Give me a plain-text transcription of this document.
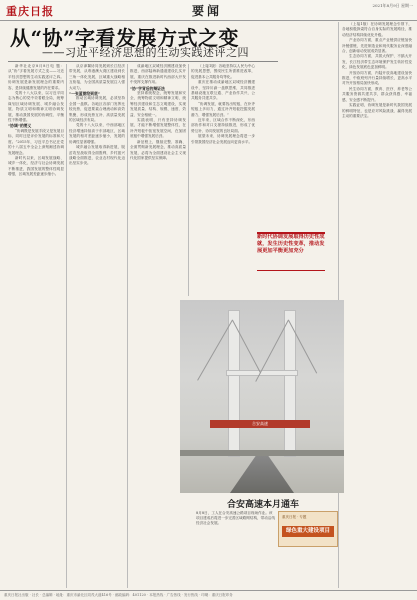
重庆日报	要闻	2021年8月9日 星期一
从“协”字看发展方式之变
——习近平经济思想的生动实践述评之四

新华社北京8月8日电 题：从“协”字看发展方式之变——习近平经济思想的生动实践述评之四。协调发展是新发展理念的重要内容，是持续健康发展的内在要求。

党的十八大以来，以习近平同志为核心的党中央着眼全局，统筹谋划区域协调发展、城乡融合发展、物质文明和精神文明协调发展，推动我国发展的协调性、平衡性不断增强。

“协调”的要义

“协调既是发展手段又是发展目标，同时还是评价发展的标准和尺度。”2015年，习近平总书记在党的十八届五中全会上深刻阐述协调发展理念。

新时代以来，区域发展战略、城乡一体化、经济与社会协调发展不断推进，我国发展的整体性明显增强，区域发展差距逐步缩小。

从京津冀协同发展到长江经济带发展，从粤港澳大湾区建设到长三角一体化发展，区域重大战略相互衔接，为全国高质量发展注入强大动力。

“一张蓝图绘到底”

推动区域协调发展，必须坚持全国一盘棋。各地区各部门发挥比较优势，促进要素合理流动和高效集聚，形成优势互补、高质量发展的区域经济布局。

党的十八大以来，中西部地区经济增速持续高于东部地区，区域发展的相对差距逐步缩小，发展的协调性显著增强。

城乡融合发展取得新进展，脱贫攻坚战取得全面胜利，乡村振兴战略全面推进，农业农村现代化迈出坚实步伐。

成渝地区双城经济圈建设加快推进，西部陆海新通道建设扎实开展，重庆在推进新时代西部大开发中发挥支撑作用。

“协”字背后的辩证法

坚持系统观念，统筹发展和安全，统筹物质文明和精神文明，统筹经济建设和生态文明建设，实现发展质量、结构、规模、速度、效益、安全相统一。

实践表明，只有坚持协调发展，才能不断增强发展整体性，在补齐短板中拓宽发展空间，在加固底板中增强发展后劲。

新征程上，继续完整、准确、全面贯彻新发展理念，推动高质量发展，必将为全面建设社会主义现代化国家提供坚实保障。

（上接1版）各地坚持以人民为中心的发展思想，围绕民生所需推进改革，促进基本公共服务均等化。

重庆在推动成渝地区双城经济圈建设中，坚持川渝一盘棋思维，共同推进基础设施互联互通、产业协作共兴、公共服务共建共享。

“协调发展，就要找出短板，在补齐短板上多用力，通过补齐短板挖掘发展潜力、增强发展后劲。”

近年来，区域合作不断深化，东西部协作和对口支援持续推进，形成了优势互补、协同发展的良好局面。

展望未来，协调发展理念将进一步引领我国经济社会发展迈向更高水平。

新时代协调发展取得历史性成就，发生历史性变革，推动发展更加平衡更加充分

（上接1版）在协调发展理念引领下，各地积极探索符合自身实际的发展路径，推动经济结构持续优化升级。

产业协同方面，重点产业链供应链加快补链强链，先进制造业和现代服务业深度融合，创新驱动发展成效显著。

生态协同方面，共抓大保护、不搞大开发，长江经济带生态环境保护发生转折性变化，绿色发展底色更加鲜明。

开放协同方面，内陆开放高地建设加快推进，中欧班列开行量持续增长，更高水平对外开放格局加快形成。

民生协同方面，教育、医疗、养老等公共服务资源共建共享，群众获得感、幸福感、安全感不断提升。

实践证明，协调发展是新时代我国发展的鲜明特征，也是应对风险挑战、赢得发展主动的重要法宝。

合安高速
合安高速本月通车
8月8日，工人在合安高速公路项目现场作业。该项目建成后将进一步完善区域路网结构，带动沿线经济社会发展。
重庆日报 · 专题
绿色重大建设项目
重庆日报社出版 · 社长 · 总编辑 · 地址：重庆市渝北区同茂大道416号 · 邮政编码：401120 · 本报热线 · 广告热线 · 发行热线 · 印刷：重庆日报印务
